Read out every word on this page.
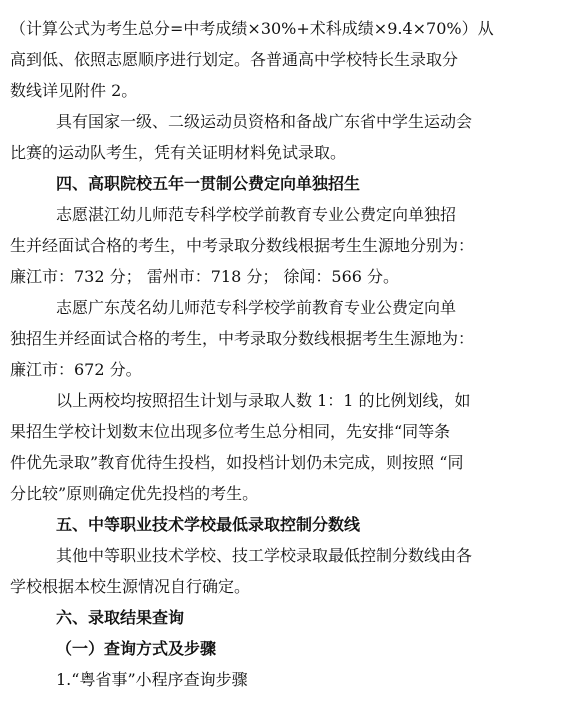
（计算公式为考生总分=中考成绩×30%+术科成绩×9.4×70%）从
高到低、依照志愿顺序进行划定。各普通高中学校特长生录取分
数线详见附件 2。
具有国家一级、二级运动员资格和备战广东省中学生运动会
比赛的运动队考生，凭有关证明材料免试录取。
四、高职院校五年一贯制公费定向单独招生
志愿湛江幼儿师范专科学校学前教育专业公费定向单独招
生并经面试合格的考生，中考录取分数线根据考生生源地分别为：
廉江市：732 分； 雷州市：718 分； 徐闻：566 分。
志愿广东茂名幼儿师范专科学校学前教育专业公费定向单
独招生并经面试合格的考生，中考录取分数线根据考生生源地为：
廉江市：672 分。
以上两校均按照招生计划与录取人数 1：1 的比例划线，如
果招生学校计划数末位出现多位考生总分相同，先安排“同等条
件优先录取”教育优待生投档，如投档计划仍未完成，则按照 “同
分比较”原则确定优先投档的考生。
五、中等职业技术学校最低录取控制分数线
其他中等职业技术学校、技工学校录取最低控制分数线由各
学校根据本校生源情况自行确定。
六、录取结果查询
（一）查询方式及步骤
1.“粤省事”小程序查询步骤
